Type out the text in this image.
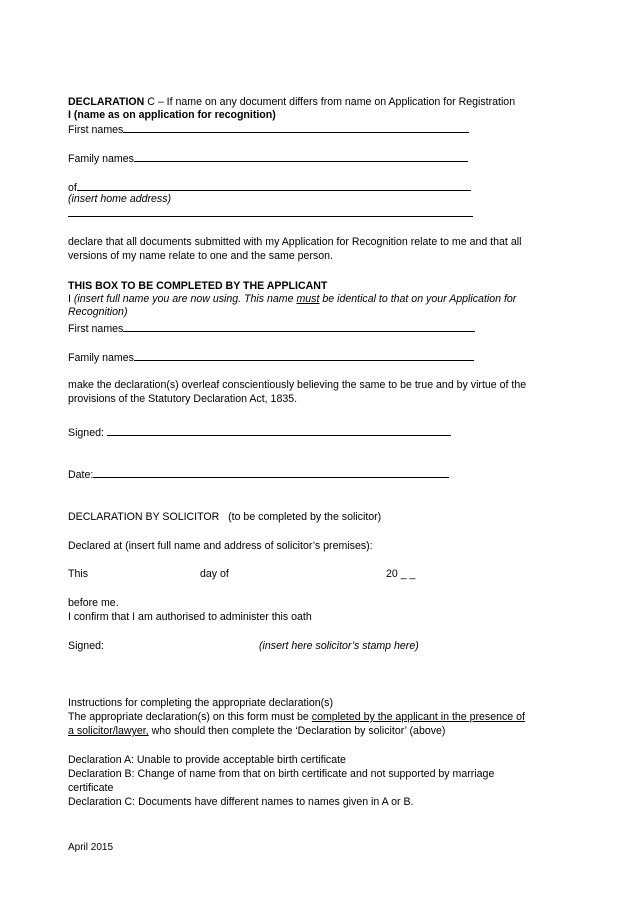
DECLARATION C – If name on any document differs from name on Application for Registration
I (name as on application for recognition)
First names
Family names
of
(insert home address)
declare that all documents submitted with my Application for Recognition relate to me and that all
versions of my name relate to one and the same person.
THIS BOX TO BE COMPLETED BY THE APPLICANT
I (insert full name you are now using. This name must be identical to that on your Application for
Recognition)
First names
Family names
make the declaration(s) overleaf conscientiously believing the same to be true and by virtue of the
provisions of the Statutory Declaration Act, 1835.
Signed:
Date:
DECLARATION BY SOLICITOR   (to be completed by the solicitor)
Declared at (insert full name and address of solicitor’s premises):
This	day of	20 _ _
before me.
I confirm that I am authorised to administer this oath
Signed:	(insert here solicitor’s stamp here)
Instructions for completing the appropriate declaration(s)
The appropriate declaration(s) on this form must be completed by the applicant in the presence of
a solicitor/lawyer, who should then complete the ‘Declaration by solicitor’ (above)
Declaration A: Unable to provide acceptable birth certificate
Declaration B: Change of name from that on birth certificate and not supported by marriage
certificate
Declaration C: Documents have different names to names given in A or B.
April 2015
